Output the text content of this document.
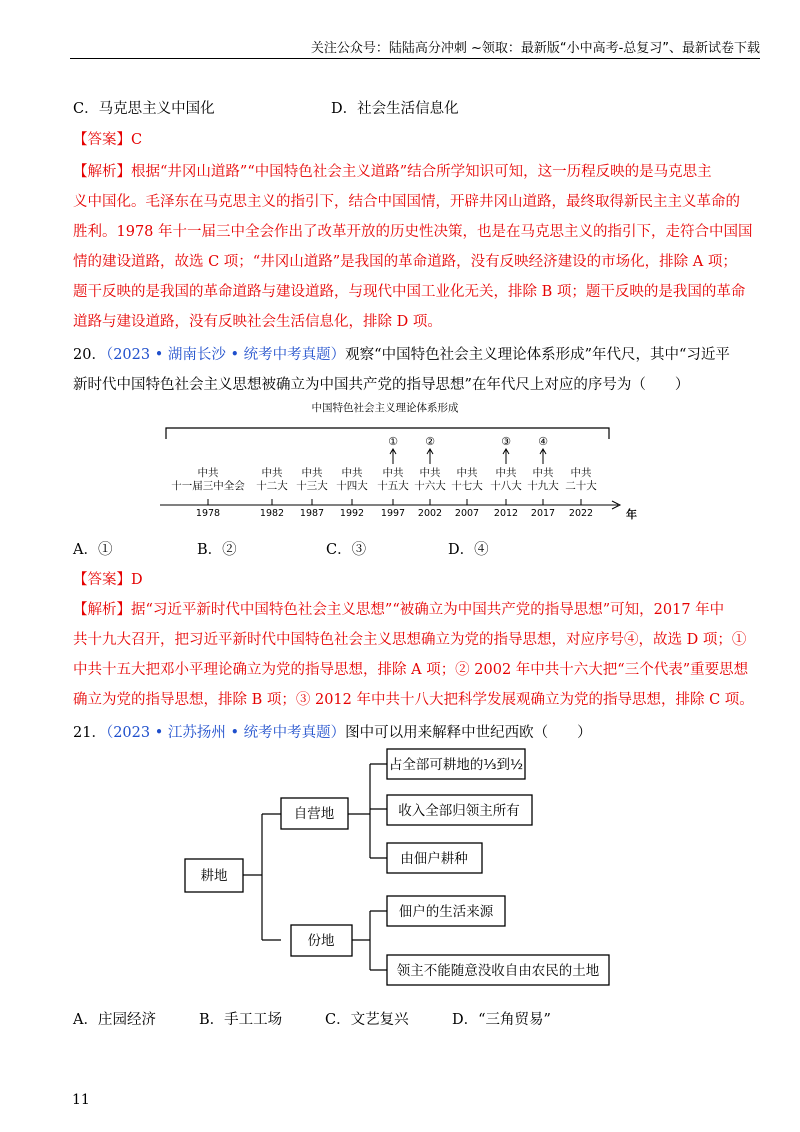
关注公众号：陆陆高分冲刺 ~领取：最新版“小中高考-总复习”、最新试卷下载
C．马克思主义中国化	D．社会生活信息化
【答案】C
【解析】根据“井冈山道路”“中国特色社会主义道路”结合所学知识可知，这一历程反映的是马克思主
义中国化。毛泽东在马克思主义的指引下，结合中国国情，开辟井冈山道路，最终取得新民主主义革命的
胜利。1978 年十一届三中全会作出了改革开放的历史性决策，也是在马克思主义的指引下，走符合中国国
情的建设道路，故选 C 项；“井冈山道路”是我国的革命道路，没有反映经济建设的市场化，排除 A 项；
题干反映的是我国的革命道路与建设道路，与现代中国工业化无关，排除 B 项；题干反映的是我国的革命
道路与建设道路，没有反映社会生活信息化，排除 D 项。
20．（2023 • 湖南长沙 • 统考中考真题）观察“中国特色社会主义理论体系形成”年代尺，其中“习近平
新时代中国特色社会主义思想被确立为中国共产党的指导思想”在年代尺上对应的序号为（　　）
中国特色社会主义理论体系形成
年
中共
十一届三中全会
1978
中共
十二大
1982
中共
十三大
1987
中共
十四大
1992
中共
十五大
1997
中共
十六大
2002
中共
十七大
2007
中共
十八大
2012
中共
十九大
2017
中共
二十大
2022
① ②	③ ④
A．①	B．②	C．③	D．④
【答案】D
【解析】据“习近平新时代中国特色社会主义思想”“被确立为中国共产党的指导思想”可知，2017 年中
共十九大召开，把习近平新时代中国特色社会主义思想确立为党的指导思想，对应序号④，故选 D 项；①
中共十五大把邓小平理论确立为党的指导思想，排除 A 项；② 2002 年中共十六大把“三个代表”重要思想
确立为党的指导思想，排除 B 项；③ 2012 年中共十八大把科学发展观确立为党的指导思想，排除 C 项。
21．（2023 • 江苏扬州 • 统考中考真题）图中可以用来解释中世纪西欧（　　）
耕地
自营地
份地
占全部可耕地的⅓到½
收入全部归领主所有
由佃户耕种
佃户的生活来源
领主不能随意没收自由农民的土地
A．庄园经济	B．手工工场	C．文艺复兴	D．“三角贸易”
11
